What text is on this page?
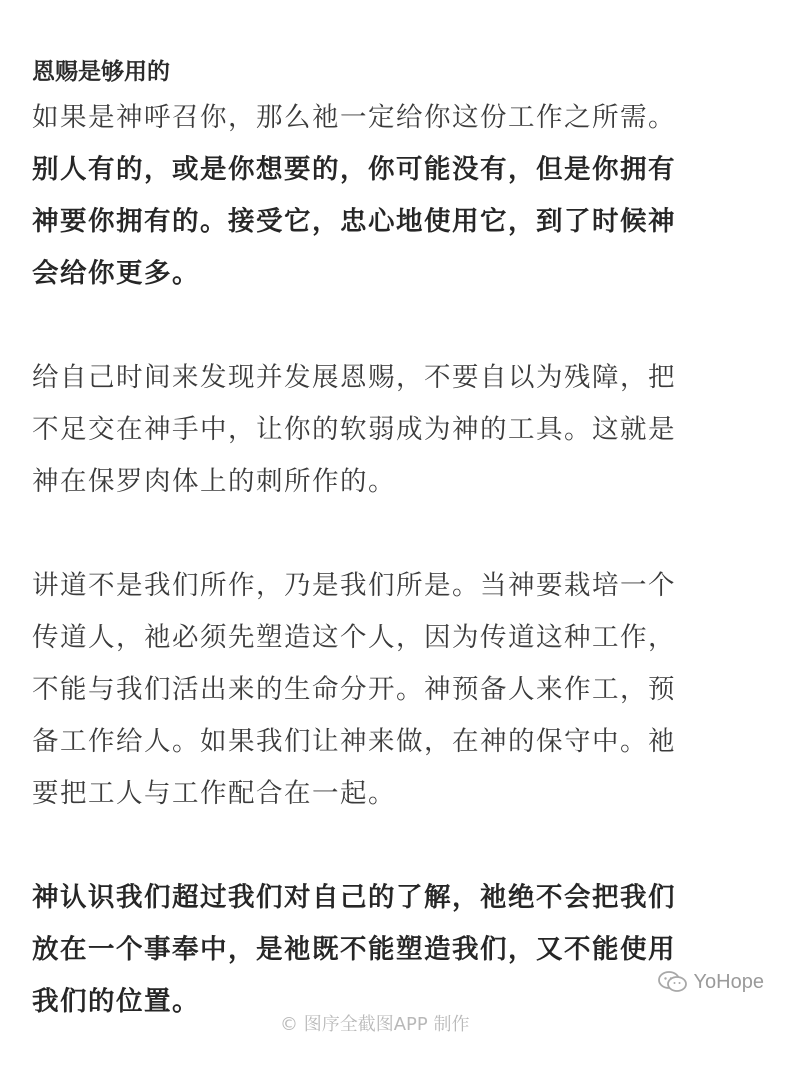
恩赐是够用的

如果是神呼召你，那么祂一定给你这份工作之所需。
别人有的，或是你想要的，你可能没有，但是你拥有
神要你拥有的。接受它，忠心地使用它，到了时候神
会给你更多。

给自己时间来发现并发展恩赐，不要自以为残障，把
不足交在神手中，让你的软弱成为神的工具。这就是
神在保罗肉体上的刺所作的。

讲道不是我们所作，乃是我们所是。当神要栽培一个
传道人，祂必须先塑造这个人，因为传道这种工作，
不能与我们活出来的生命分开。神预备人来作工，预
备工作给人。如果我们让神来做，在神的保守中。祂
要把工人与工作配合在一起。

神认识我们超过我们对自己的了解，祂绝不会把我们
放在一个事奉中，是祂既不能塑造我们，又不能使用
我们的位置。

YoHope
© 图序全截图APP 制作
